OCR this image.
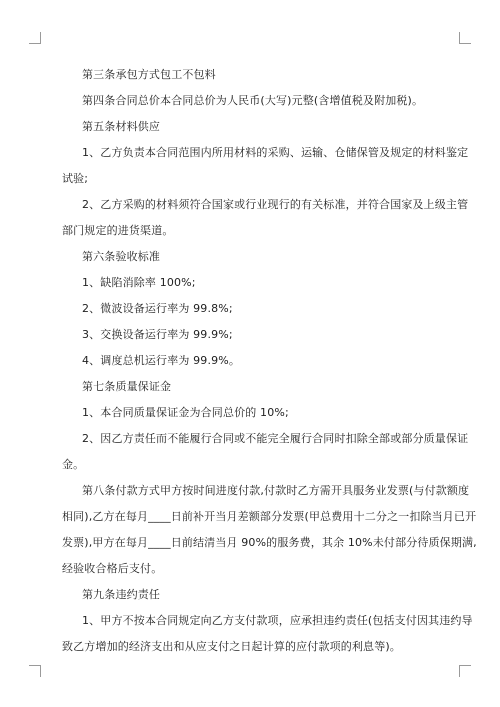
第三条承包方式包工不包料
第四条合同总价本合同总价为人民币(大写)元整(含增值税及附加税)。
第五条材料供应
1、乙方负责本合同范围内所用材料的采购、运输、仓储保管及规定的材料鉴定
试验;
2、乙方采购的材料须符合国家或行业现行的有关标准，并符合国家及上级主管
部门规定的进货渠道。
第六条验收标准
1、缺陷消除率 100%;
2、微波设备运行率为 99.8%;
3、交换设备运行率为 99.9%;
4、调度总机运行率为 99.9%。
第七条质量保证金
1、本合同质量保证金为合同总价的 10%;
2、因乙方责任而不能履行合同或不能完全履行合同时扣除全部或部分质量保证
金。
第八条付款方式甲方按时间进度付款,付款时乙方需开具服务业发票(与付款额度
相同),乙方在每月____日前补开当月差额部分发票(甲总费用十二分之一扣除当月已开
发票),甲方在每月____日前结清当月 90%的服务费，其余 10%未付部分待质保期满,
经验收合格后支付。
第九条违约责任
1、甲方不按本合同规定向乙方支付款项，应承担违约责任(包括支付因其违约导
致乙方增加的经济支出和从应支付之日起计算的应付款项的利息等)。
